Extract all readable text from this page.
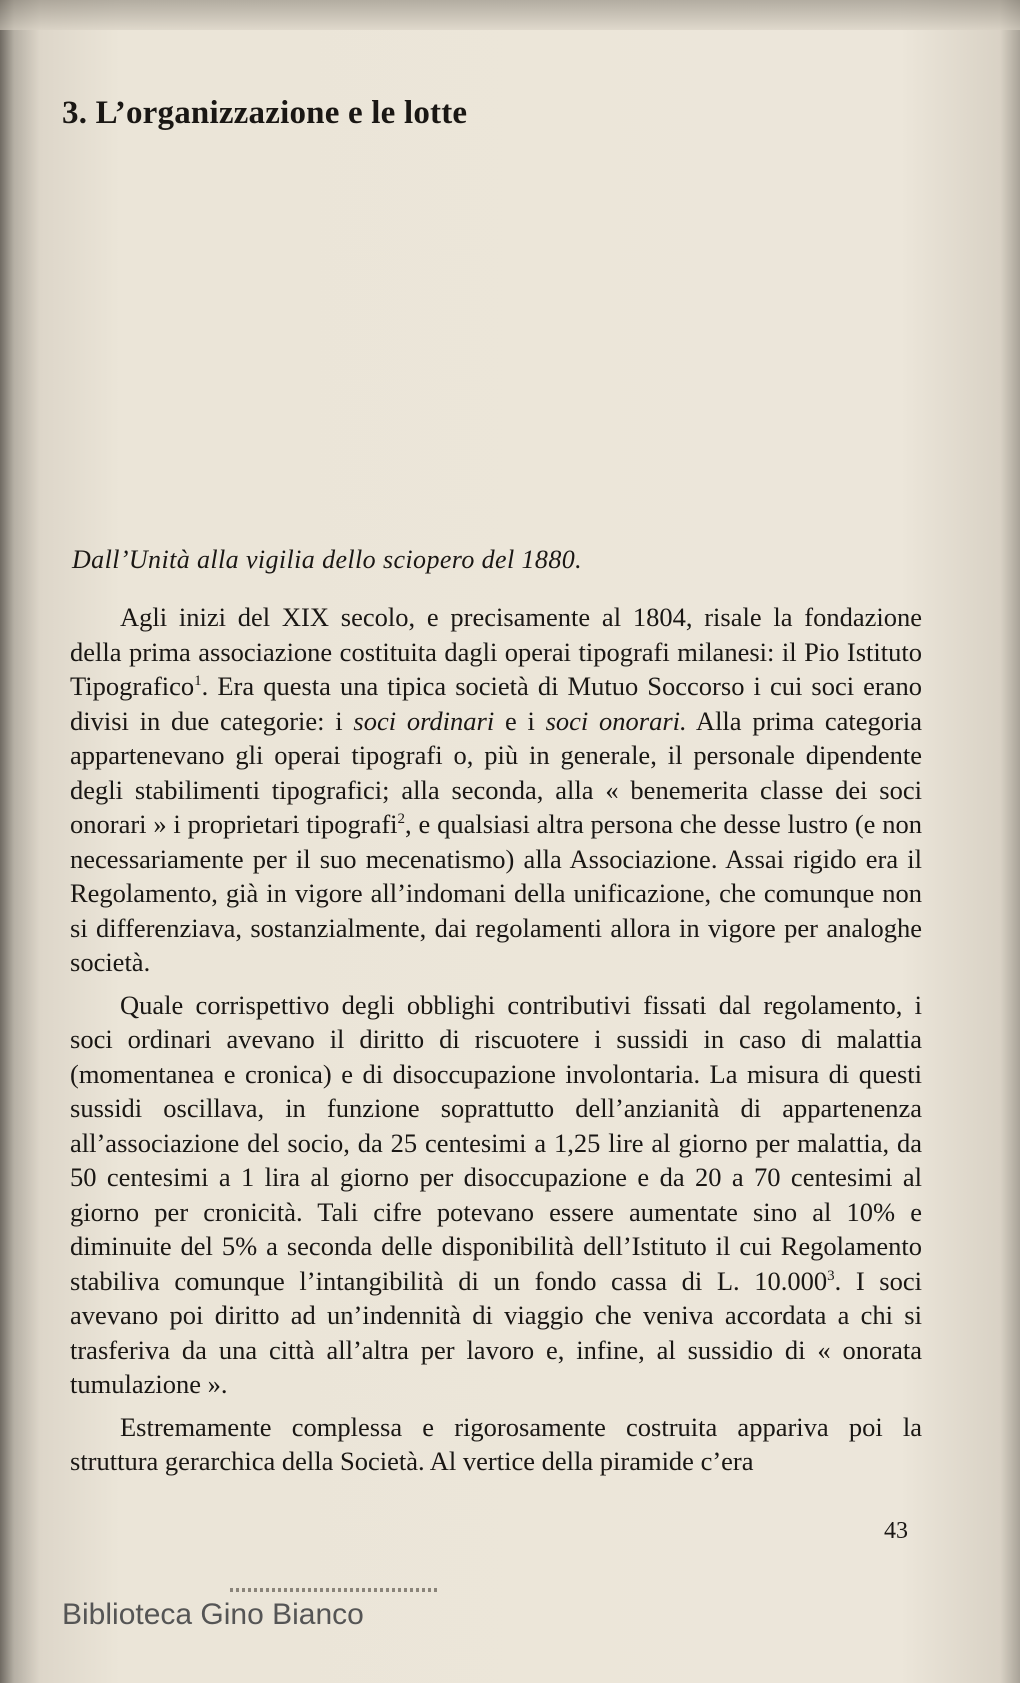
3. L’organizzazione e le lotte
Dall’Unità alla vigilia dello sciopero del 1880.

Agli inizi del XIX secolo, e precisamente al 1804, risale la fondazione della prima associazione costituita dagli operai tipografi milanesi: il Pio Istituto Tipografico$^1$. Era questa una tipica società di Mutuo Soccorso i cui soci erano divisi in due categorie: i soci ordinari e i soci onorari. Alla prima categoria appartenevano gli operai tipografi o, più in generale, il personale dipendente degli stabilimenti tipografici; alla seconda, alla « benemerita classe dei soci onorari » i proprietari tipografi$^2$, e qualsiasi altra persona che desse lustro (e non necessariamente per il suo mecenatismo) alla Associazione. Assai rigido era il Regolamento, già in vigore all’indomani della unificazione, che comunque non si differenziava, sostanzialmente, dai regolamenti allora in vigore per analoghe società.

Quale corrispettivo degli obblighi contributivi fissati dal regolamento, i soci ordinari avevano il diritto di riscuotere i sussidi in caso di malattia (momentanea e cronica) e di disoccupazione involontaria. La misura di questi sussidi oscillava, in funzione soprattutto dell’anzianità di appartenenza all’associazione del socio, da 25 centesimi a 1,25 lire al giorno per malattia, da 50 centesimi a 1 lira al giorno per disoccupazione e da 20 a 70 centesimi al giorno per cronicità. Tali cifre potevano essere aumentate sino al 10% e diminuite del 5% a seconda delle disponibilità dell’Istituto il cui Regolamento stabiliva comunque l’intangibilità di un fondo cassa di L. 10.000$^3$. I soci avevano poi diritto ad un’indennità di viaggio che veniva accordata a chi si trasferiva da una città all’altra per lavoro e, infine, al sussidio di « onorata tumulazione ».

Estremamente complessa e rigorosamente costruita appariva poi la struttura gerarchica della Società. Al vertice della piramide c’era

43
Biblioteca Gino Bianco
